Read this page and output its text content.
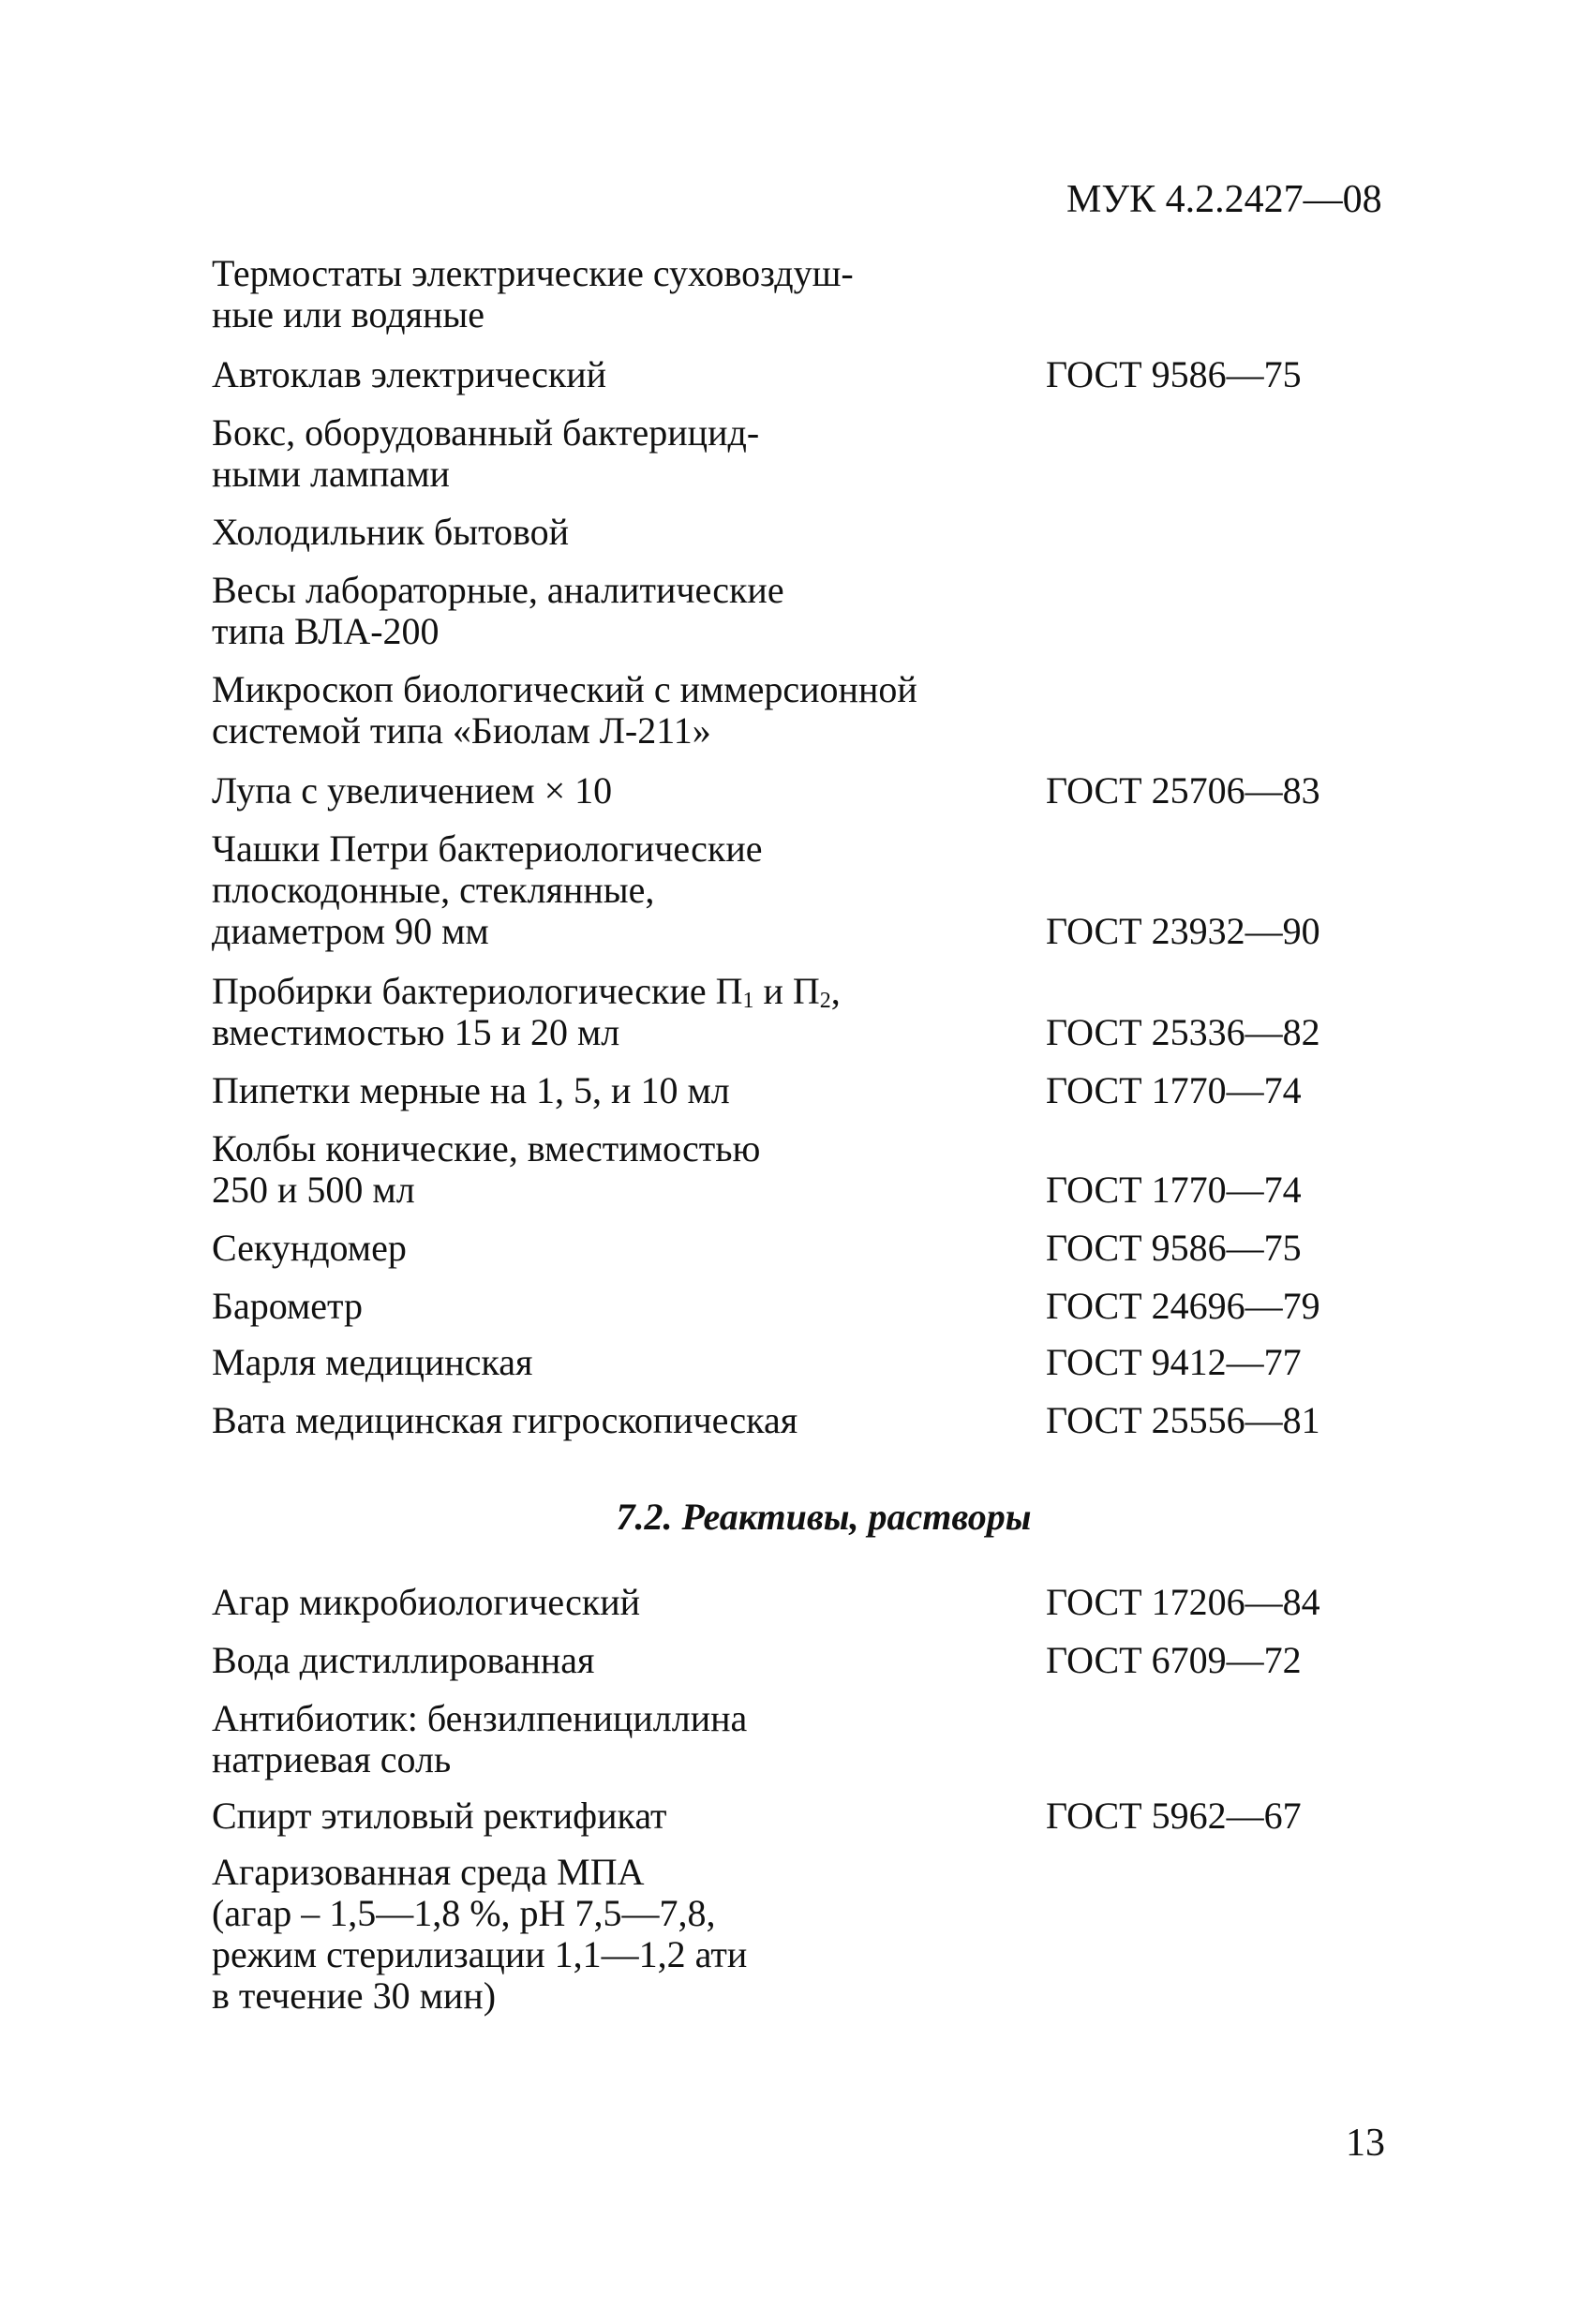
МУК 4.2.2427—08
Термостаты электрические суховоздуш-
ные или водяные
Автоклав электрический	ГОСТ 9586—75
Бокс, оборудованный бактерицид-
ными лампами
Холодильник бытовой
Весы лабораторные, аналитические
типа ВЛА-200
Микроскоп биологический с иммерсионной
системой типа «Биолам Л-211»
Лупа с увеличением × 10	ГОСТ 25706—83
Чашки Петри бактериологические
плоскодонные, стеклянные,
диаметром 90 мм	ГОСТ 23932—90
Пробирки бактериологические $П_1$ и $П_2$,
вместимостью 15 и 20 мл	ГОСТ 25336—82
Пипетки мерные на 1, 5, и 10 мл	ГОСТ 1770—74
Колбы конические, вместимостью
250 и 500 мл	ГОСТ 1770—74
Секундомер	ГОСТ 9586—75
Барометр	ГОСТ 24696—79
Марля медицинская	ГОСТ 9412—77
Вата медицинская гигроскопическая	ГОСТ 25556—81
7.2. Реактивы, растворы
Агар микробиологический	ГОСТ 17206—84
Вода дистиллированная	ГОСТ 6709—72
Антибиотик: бензилпенициллина
натриевая соль
Спирт этиловый ректификат	ГОСТ 5962—67
Агаризованная среда МПА
(агар – 1,5—1,8 %, pH 7,5—7,8,
режим стерилизации 1,1—1,2 ати
в течение 30 мин)
13
